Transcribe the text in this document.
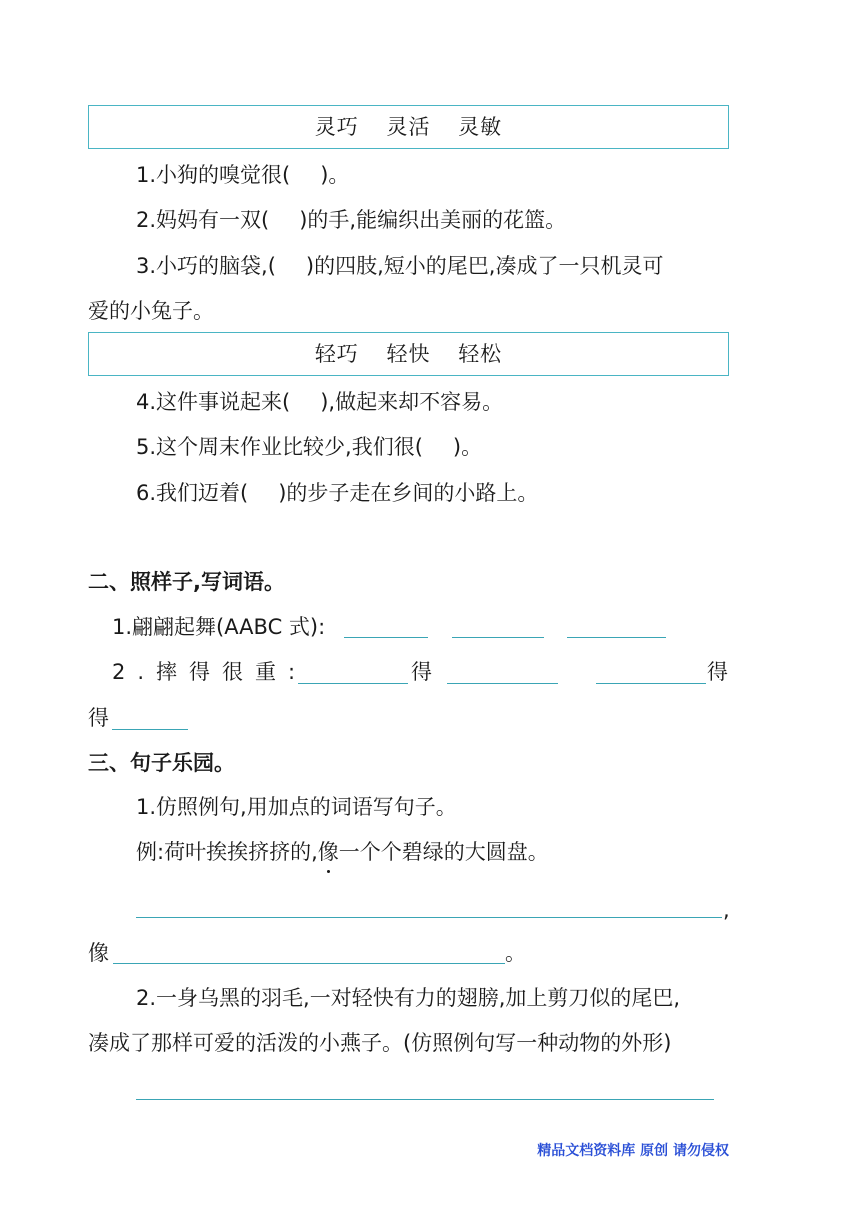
灵巧 灵活 灵敏
1.小狗的嗅觉很( )。
2.妈妈有一双( )的手,能编织出美丽的花篮。
3.小巧的脑袋,( )的四肢,短小的尾巴,凑成了一只机灵可
爱的小兔子。
轻巧 轻快 轻松
4.这件事说起来( ),做起来却不容易。
5.这个周末作业比较少,我们很( )。
6.我们迈着( )的步子走在乡间的小路上。
二、照样子,写词语。
1.翩翩起舞(AABC 式):
2.摔得很重:	得	得
得
三、句子乐园。
1.仿照例句,用加点的词语写句子。
例:荷叶挨挨挤挤的,像一个个碧绿的大圆盘。
,
像	。
2.一身乌黑的羽毛,一对轻快有力的翅膀,加上剪刀似的尾巴,
凑成了那样可爱的活泼的小燕子。(仿照例句写一种动物的外形)
精品文档资料库 原创 请勿侵权
